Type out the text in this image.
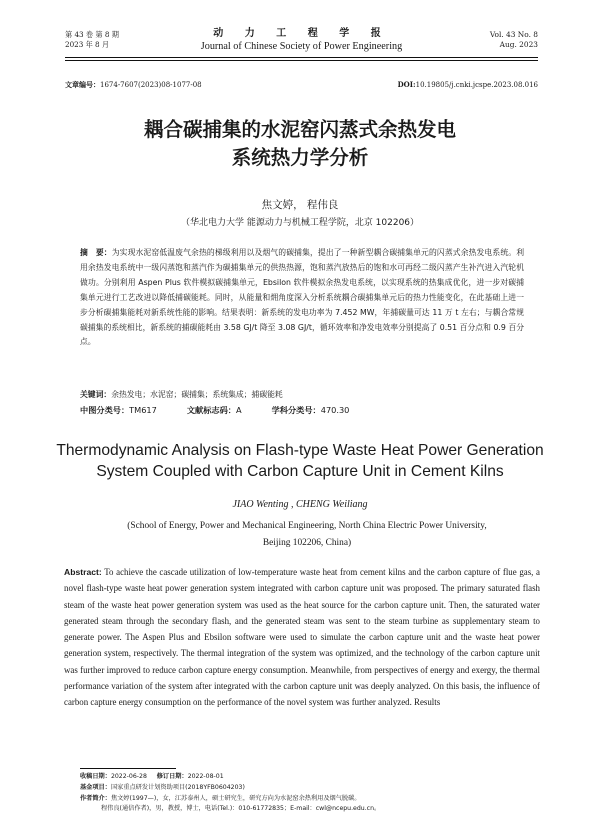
第 43 卷 第 8 期
2023 年 8 月
动 力 工 程 学 报
Journal of Chinese Society of Power Engineering
Vol. 43 No. 8
Aug. 2023
文章编号：1674-7607(2023)08-1077-08	DOI:10.19805/j.cnki.jcspe.2023.08.016
耦合碳捕集的水泥窑闪蒸式余热发电
系统热力学分析
焦文婷， 程伟良
（华北电力大学 能源动力与机械工程学院，北京 102206）
摘　要：为实现水泥窑低温废气余热的梯级利用以及烟气的碳捕集，提出了一种新型耦合碳捕集单元的闪蒸式余热发电系统。利用余热发电系统中一级闪蒸饱和蒸汽作为碳捕集单元的供热热源，饱和蒸汽放热后的饱和水可再经二级闪蒸产生补汽进入汽轮机做功。分别利用 Aspen Plus 软件模拟碳捕集单元，Ebsilon 软件模拟余热发电系统，以实现系统的热集成优化，进一步对碳捕集单元进行工艺改进以降低捕碳能耗。同时，从能量和㶲角度深入分析系统耦合碳捕集单元后的热力性能变化，在此基础上进一步分析碳捕集能耗对新系统性能的影响。结果表明：新系统的发电功率为 7.452 MW，年捕碳量可达 11 万 t 左右；与耦合常规碳捕集的系统相比，新系统的捕碳能耗由 3.58 GJ/t 降至 3.08 GJ/t，循环效率和净发电效率分别提高了 0.51 百分点和 0.9 百分点。
关键词：余热发电；水泥窑；碳捕集；系统集成；捕碳能耗
中图分类号：TM617	文献标志码：A	学科分类号：470.30
Thermodynamic Analysis on Flash-type Waste Heat Power Generation
System Coupled with Carbon Capture Unit in Cement Kilns
JIAO Wenting , CHENG Weiliang
(School of Energy, Power and Mechanical Engineering, North China Electric Power University,
Beijing 102206, China)
Abstract: To achieve the cascade utilization of low-temperature waste heat from cement kilns and the carbon capture of flue gas, a novel flash-type waste heat power generation system integrated with carbon capture unit was proposed. The primary saturated flash steam of the waste heat power generation system was used as the heat source for the carbon capture unit. Then, the saturated water generated steam through the secondary flash, and the generated steam was sent to the steam turbine as supplementary steam to generate power. The Aspen Plus and Ebsilon software were used to simulate the carbon capture unit and the waste heat power generation system, respectively. The thermal integration of the system was optimized, and the technology of the carbon capture unit was further improved to reduce carbon capture energy consumption. Meanwhile, from perspectives of energy and exergy, the thermal performance variation of the system after integrated with the carbon capture unit was deeply analyzed. On this basis, the influence of carbon capture energy consumption on the performance of the novel system was further analyzed. Results
收稿日期：2022-06-28 修订日期：2022-08-01
基金项目：国家重点研发计划资助项目(2018YFB0604203)
作者简介：焦文婷(1997—)，女，江苏泰州人，硕士研究生，研究方向为水泥窑余热利用及烟气脱碳。
程伟良(通信作者)，男，教授，博士，电话(Tel.)：010-61772835；E-mail：cwl@ncepu.edu.cn。
